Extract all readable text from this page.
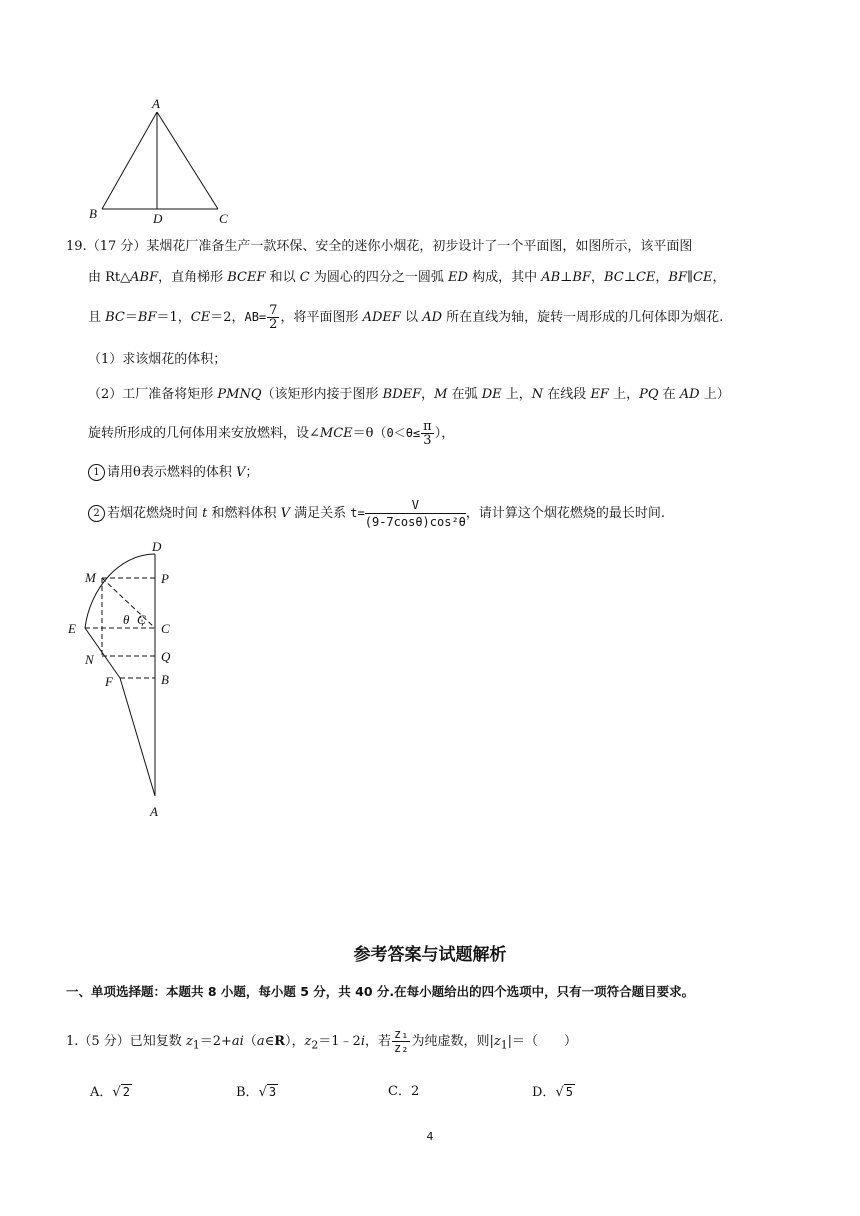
A
B	D	C
19.（17 分）某烟花厂准备生产一款环保、安全的迷你小烟花，初步设计了一个平面图，如图所示，该平面图
由 Rt△ABF，直角梯形 BCEF 和以 C 为圆心的四分之一圆弧 ED 构成，其中 AB⊥BF，BC⊥CE，BF∥CE，
且 BC＝BF＝1，CE＝2，$AB= \frac{7}{2}$ ，将平面图形 ADEF 以 AD 所在直线为轴，旋转一周形成的几何体即为烟花.
（1）求该烟花的体积；
（2）工厂准备将矩形 PMNQ（该矩形内接于图形 BDEF，M 在弧 DE 上，N 在线段 EF 上，PQ 在 AD 上）
旋转所形成的几何体用来安放燃料，设∠MCE＝θ（0＜θ≤ $\frac{\pi}{3}$ ），
1 请用θ表示燃料的体积 V；
2 若烟花燃烧时间 t 和燃料体积 V 满足关系 $t= \frac{V}{\text{(9-7cosθ)cos²θ}}$ ，请计算这个烟花燃烧的最长时间.
D
M	P
E
θ C
C
N	Q
F	B
A
参考答案与试题解析
一、单项选择题：本题共 8 小题，每小题 5 分，共 40 分.在每小题给出的四个选项中，只有一项符合题目要求。
1.（5 分）已知复数 $z_1=2+ai(a\in R)$，$z_2=1﹣2i$，若 $\frac{\text{z₁}}{\text{z₂}}$ 为纯虚数，则$|z_1|=$（　　）
A．√ 2	B．√ 3	C．2	D．√ 5
4
